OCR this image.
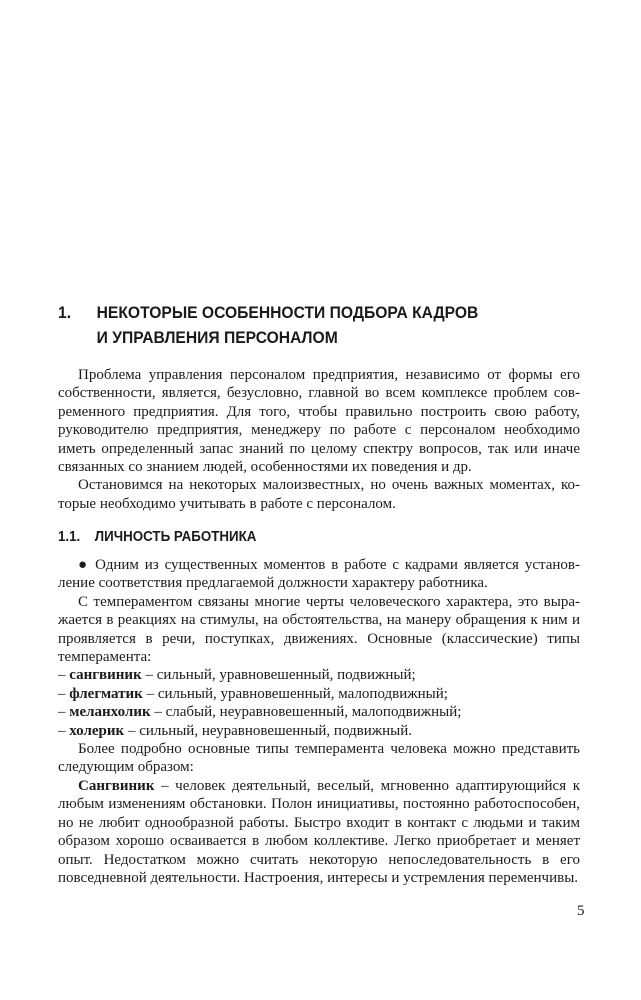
1. НЕКОТОРЫЕ ОСОБЕННОСТИ ПОДБОРА КАДРОВ
И УПРАВЛЕНИЯ ПЕРСОНАЛОМ

Проблема управления персоналом предприятия, независимо от формы его собственности, является, безусловно, главной во всем комплексе проблем современного предприятия. Для того, чтобы правильно построить свою работу, руководителю предприятия, менеджеру по работе с персоналом необходимо иметь определенный запас знаний по целому спектру вопросов, так или иначе связанных со знанием людей, особенностями их поведения и др.

Остановимся на некоторых малоизвестных, но очень важных моментах, которые необходимо учитывать в работе с персоналом.

1.1. ЛИЧНОСТЬ РАБОТНИКА

● Одним из существенных моментов в работе с кадрами является установление соответствия предлагаемой должности характеру работника.

С темпераментом связаны многие черты человеческого характера, это выражается в реакциях на стимулы, на обстоятельства, на манеру обращения к ним и проявляется в речи, поступках, движениях. Основные (классические) типы темперамента:

– сангвиник – сильный, уравновешенный, подвижный;

– флегматик – сильный, уравновешенный, малоподвижный;

– меланхолик – слабый, неуравновешенный, малоподвижный;

– холерик – сильный, неуравновешенный, подвижный.

Более подробно основные типы темперамента человека можно представить следующим образом:

Сангвиник – человек деятельный, веселый, мгновенно адаптирующийся к любым изменениям обстановки. Полон инициативы, постоянно работоспособен, но не любит однообразной работы. Быстро входит в контакт с людьми и таким образом хорошо осваивается в любом коллективе. Легко приобретает и меняет опыт. Недостатком можно считать некоторую непоследовательность в его повседневной деятельности. Настроения, интересы и устремления переменчивы.

5
